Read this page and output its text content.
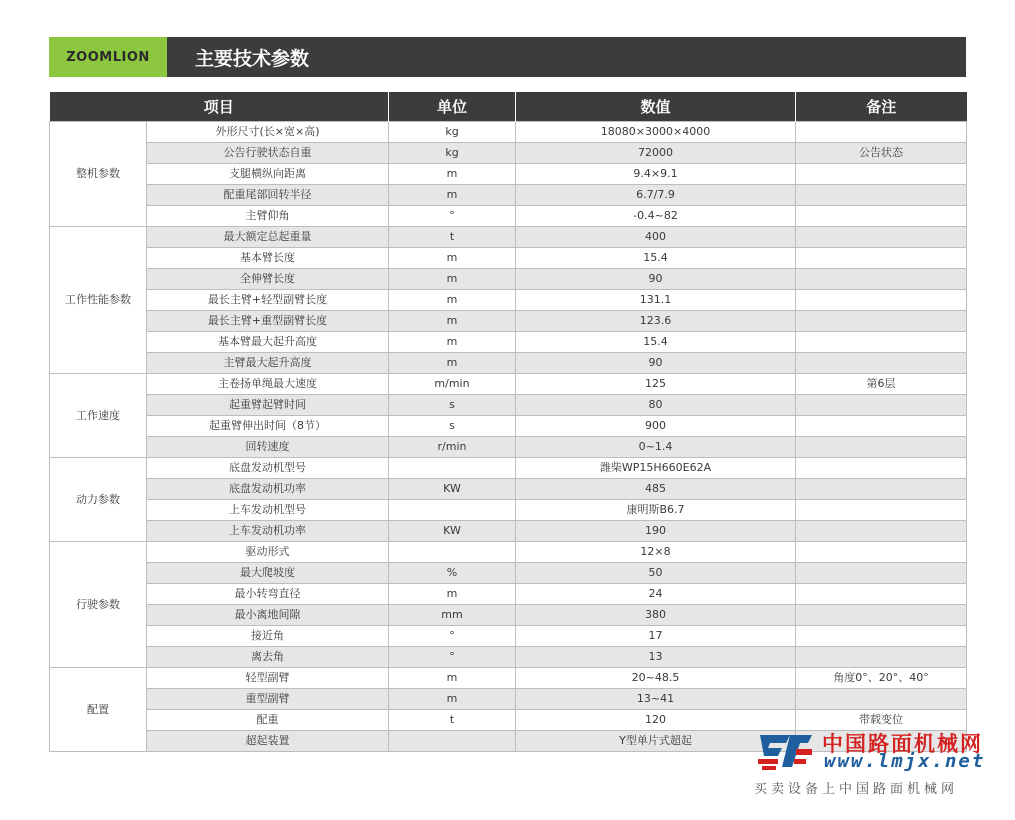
ZOOMLION	主要技术参数
项目		单位	数值	备注
整机参数	外形尺寸(长×宽×高)	kg	18080×3000×4000	
	公告行驶状态自重	kg	72000	公告状态
	支腿横纵向距离	m	9.4×9.1	
	配重尾部回转半径	m	6.7/7.9	
	主臂仰角	°	-0.4~82	
工作性能参数	最大额定总起重量	t	400	
	基本臂长度	m	15.4	
	全伸臂长度	m	90	
	最长主臂+轻型副臂长度	m	131.1	
	最长主臂+重型副臂长度	m	123.6	
	基本臂最大起升高度	m	15.4	
	主臂最大起升高度	m	90	
工作速度	主卷扬单绳最大速度	m/min	125	第6层
	起重臂起臂时间	s	80	
	起重臂伸出时间（8节）	s	900	
	回转速度	r/min	0~1.4	
动力参数	底盘发动机型号		潍柴WP15H660E62A	
	底盘发动机功率	KW	485	
	上车发动机型号		康明斯B6.7	
	上车发动机功率	KW	190	
行驶参数	驱动形式		12×8	
	最大爬坡度	%	50	
	最小转弯直径	m	24	
	最小离地间隙	mm	380	
	接近角	°	17	
	离去角	°	13	
配置	轻型副臂	m	20~48.5	角度0°、20°、40°
	重型副臂	m	13~41	
	配重	t	120	带载变位
	超起装置		Y型单片式超起		中国路面机械网
www.lmjx.net
买卖设备上中国路面机械网
